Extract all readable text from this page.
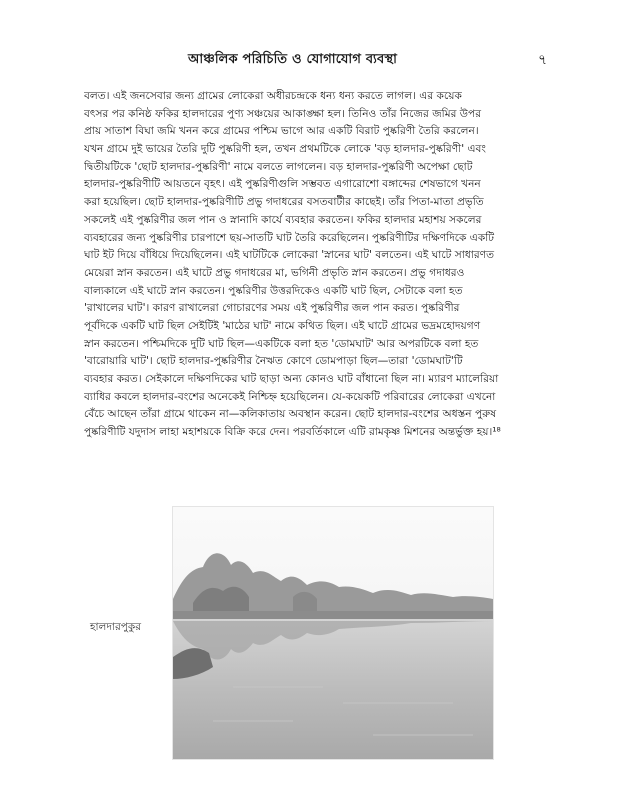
আঞ্চলিক পরিচিতি ও যোগাযোগ ব্যবস্থা	৭

বলত। এই জনসেবার জন্য গ্রামের লোকেরা অধীরচন্দ্রকে ধন্য ধন্য করতে লাগল। এর কয়েক
বৎসর পর কনিষ্ঠ ফকির হালদারের পুণ্য সঞ্চয়ের আকাঙ্ক্ষা হল। তিনিও তাঁর নিজের জমির উপর
প্রায় সাতাশ বিঘা জমি খনন করে গ্রামের পশ্চিম ভাগে আর একটি বিরাট পুষ্করিণী তৈরি করলেন।
যখন গ্রামে দুই ভায়ের তৈরি দুটি পুষ্করিণী হল, তখন প্রথমটিকে লোকে 'বড় হালদার-পুষ্করিণী' এবং
দ্বিতীয়টিকে 'ছোট হালদার-পুষ্করিণী' নামে বলতে লাগলেন। বড় হালদার-পুষ্করিণী অপেক্ষা ছোট
হালদার-পুষ্করিণীটি আয়তনে বৃহৎ। এই পুষ্করিণীগুলি সম্ভবত এগারোশো বঙ্গাব্দের শেষভাগে খনন
করা হয়েছিল। ছোট হালদার-পুষ্করিণীটি প্রভু গদাধরের বসতবাটীর কাছেই। তাঁর পিতা-মাতা প্রভৃতি
সকলেই এই পুষ্করিণীর জল পান ও স্নানাদি কার্যে ব্যবহার করতেন। ফকির হালদার মহাশয় সকলের
ব্যবহারের জন্য পুষ্করিণীর চারপাশে ছয়-সাতটি ঘাট তৈরি করেছিলেন। পুষ্করিণীটির দক্ষিণদিকে একটি
ঘাট ইট দিয়ে বাঁধিয়ে দিয়েছিলেন। এই ঘাটটিকে লোকেরা 'স্নানের ঘাট' বলতেন। এই ঘাটে সাধারণত
মেয়েরা স্নান করতেন। এই ঘাটে প্রভু গদাধরের মা, ভগিনী প্রভৃতি স্নান করতেন। প্রভু গদাধরও
বাল্যকালে এই ঘাটে স্নান করতেন। পুষ্করিণীর উত্তরদিকেও একটি ঘাট ছিল, সেটাকে বলা হত
'রাখালের ঘাট'। কারণ রাখালেরা গোচারণের সময় এই পুষ্করিণীর জল পান করত। পুষ্করিণীর
পূর্বদিকে একটি ঘাট ছিল সেইটিই 'মাঠের ঘাট' নামে কথিত ছিল। এই ঘাটে গ্রামের ভদ্রমহোদয়গণ
স্নান করতেন। পশ্চিমদিকে দুটি ঘাট ছিল—একটিকে বলা হত 'ডোমঘাট' আর অপরটিকে বলা হত
'বারোয়ারি ঘাট'। ছোট হালদার-পুষ্করিণীর নৈঋত কোণে ডোমপাড়া ছিল—তারা 'ডোমঘাট'টি
ব্যবহার করত। সেইকালে দক্ষিণদিকের ঘাট ছাড়া অন্য কোনও ঘাট বাঁধানো ছিল না। ম্যারণ ম্যালেরিয়া
ব্যাধির কবলে হালদার-বংশের অনেকেই নিশ্চিহ্ন হয়েছিলেন। যে-কয়েকটি পরিবারের লোকেরা এখনো
বেঁচে আছেন তাঁরা গ্রামে থাকেন না—কলিকাতায় অবস্থান করেন। ছোট হালদার-বংশের অধস্তন পুরুষ
পুষ্করিণীটি যদুদাস লাহা মহাশয়কে বিক্রি করে দেন। পরবর্তিকালে এটি রামকৃষ্ণ মিশনের অন্তর্ভুক্ত হয়।¹⁸

হালদারপুকুর
